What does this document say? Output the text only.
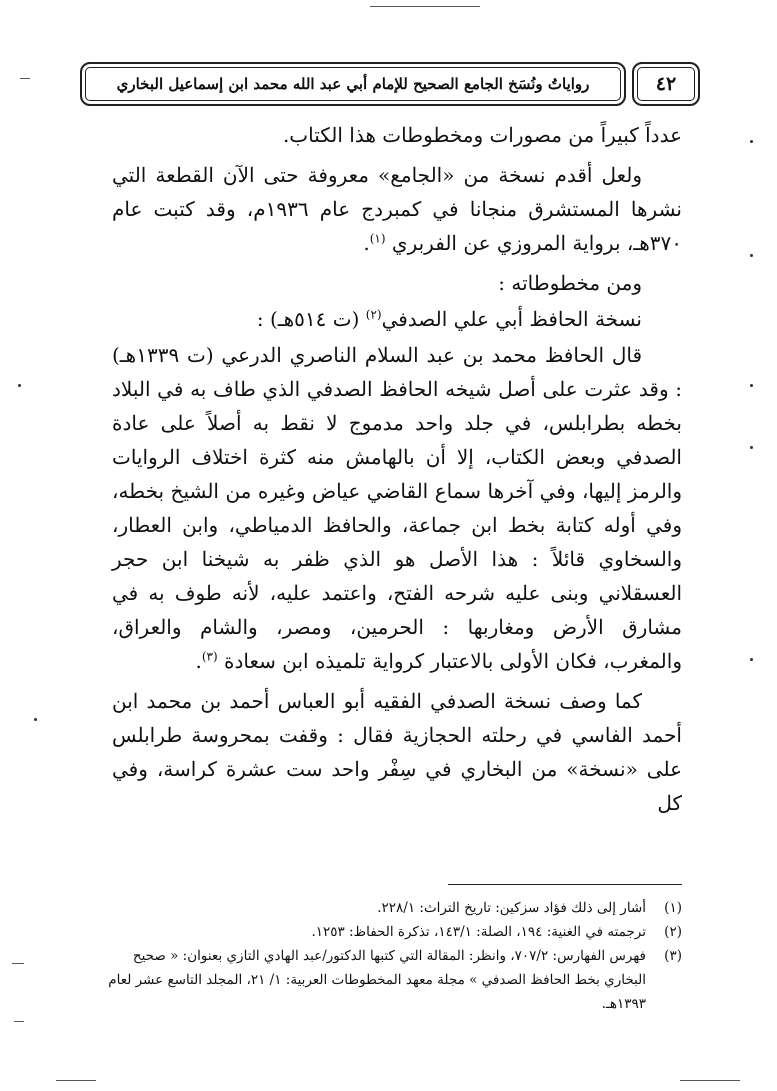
٤٢
رواياتُ ونُسَخ الجامع الصحيح للإمام أبي عبد الله محمد ابن إسماعيل البخاري

عدداً كبيراً من مصورات ومخطوطات هذا الكتاب.

ولعل أقدم نسخة من «الجامع» معروفة حتى الآن القطعة التي نشرها المستشرق منجانا في كمبردج عام ١٩٣٦م، وقد كتبت عام ٣٧٠هـ، برواية المروزي عن الفربري $^{(١)}$.

ومن مخطوطاته :

نسخة الحافظ أبي علي الصدفي$^{(٢)}$ (ت ٥١٤هـ) :

قال الحافظ محمد بن عبد السلام الناصري الدرعي (ت ١٣٣٩هـ) : وقد عثرت على أصل شيخه الحافظ الصدفي الذي طاف به في البلاد بخطه بطرابلس، في جلد واحد مدموج لا نقط به أصلاً على عادة الصدفي وبعض الكتاب، إلا أن بالهامش منه كثرة اختلاف الروايات والرمز إليها، وفي آخرها سماع القاضي عياض وغيره من الشيخ بخطه، وفي أوله كتابة بخط ابن جماعة، والحافظ الدمياطي، وابن العطار، والسخاوي قائلاً : هذا الأصل هو الذي ظفر به شيخنا ابن حجر العسقلاني وبنى عليه شرحه الفتح، واعتمد عليه، لأنه طوف به في مشارق الأرض ومغاربها : الحرمين، ومصر، والشام والعراق، والمغرب، فكان الأولى بالاعتبار كرواية تلميذه ابن سعادة $^{(٣)}$.

كما وصف نسخة الصدفي الفقيه أبو العباس أحمد بن محمد ابن أحمد الفاسي في رحلته الحجازية فقال : وقفت بمحروسة طرابلس على «نسخة» من البخاري في سِفْر واحد ست عشرة كراسة، وفي كل

(١)
أشار إلى ذلك فؤاد سزكين: تاريخ التراث: ٢٢٨/١.
(٢)
ترجمته في الغنية: ١٩٤، الصلة: ١٤٣/١، تذكرة الحفاظ: ١٢٥٣.
(٣)
فهرس الفهارس: ٧٠٧/٢، وانظر: المقالة التي كتبها الدكتور/عبد الهادي التازي بعنوان: « صحيح البخاري بخط الحافظ الصدفي » مجلة معهد المخطوطات العربية: ١/ ٢١، المجلد التاسع عشر لعام ١٣٩٣هـ.
